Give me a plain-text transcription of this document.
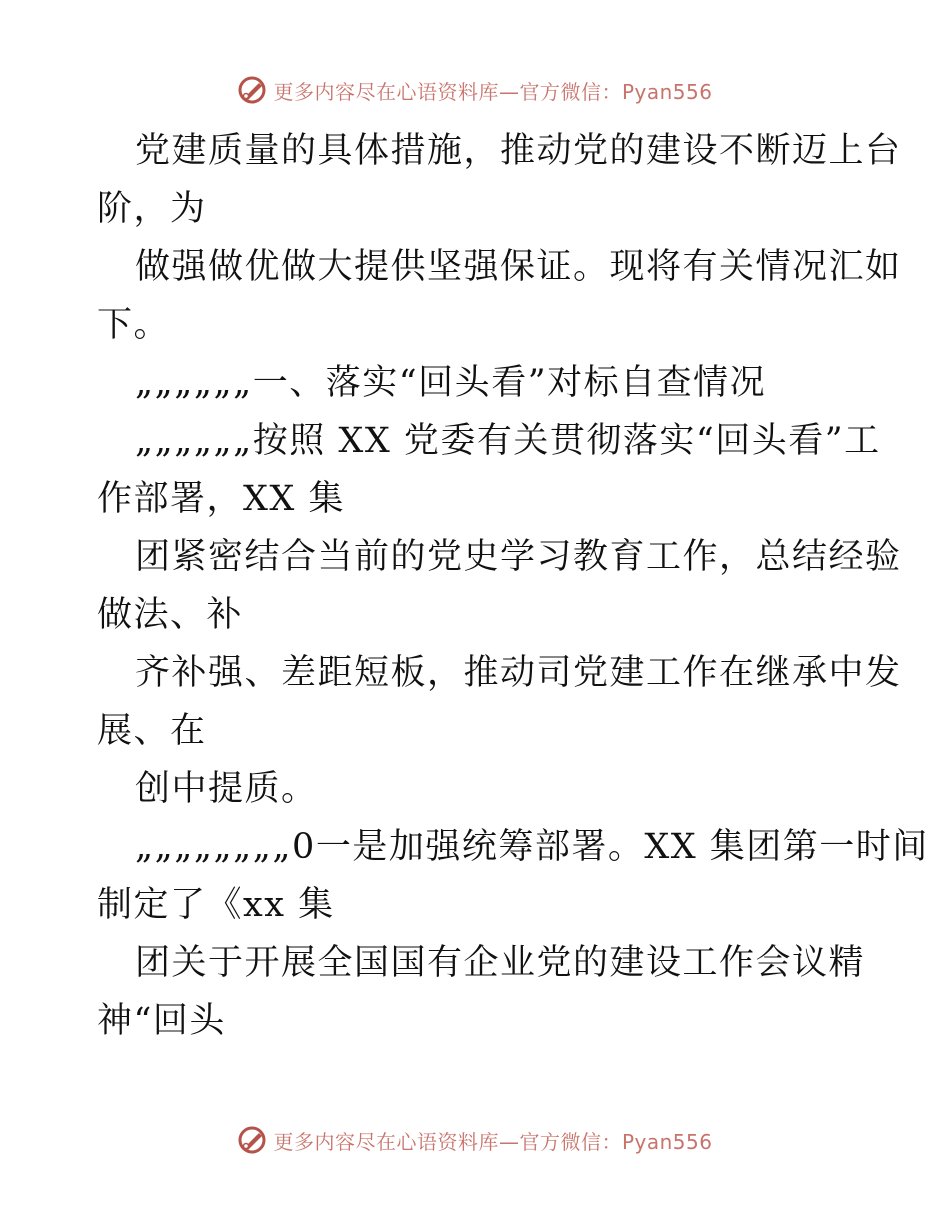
更多内容尽在心语资料库—官方微信：Pyan556
党建质量的具体措施，推动党的建设不断迈上台
阶，为
做强做优做大提供坚强保证。现将有关情况汇如
下。
„„„„„„一、落实“回头看”对标自查情况
„„„„„„按照 XX 党委有关贯彻落实“回头看”工
作部署，XX 集
团紧密结合当前的党史学习教育工作，总结经验
做法、补
齐补强、差距短板，推动司党建工作在继承中发
展、在
创中提质。
„„„„„„„„0一是加强统筹部署。XX 集团第一时间
制定了《xx 集
团关于开展全国国有企业党的建设工作会议精
神“回头
更多内容尽在心语资料库—官方微信：Pyan556
